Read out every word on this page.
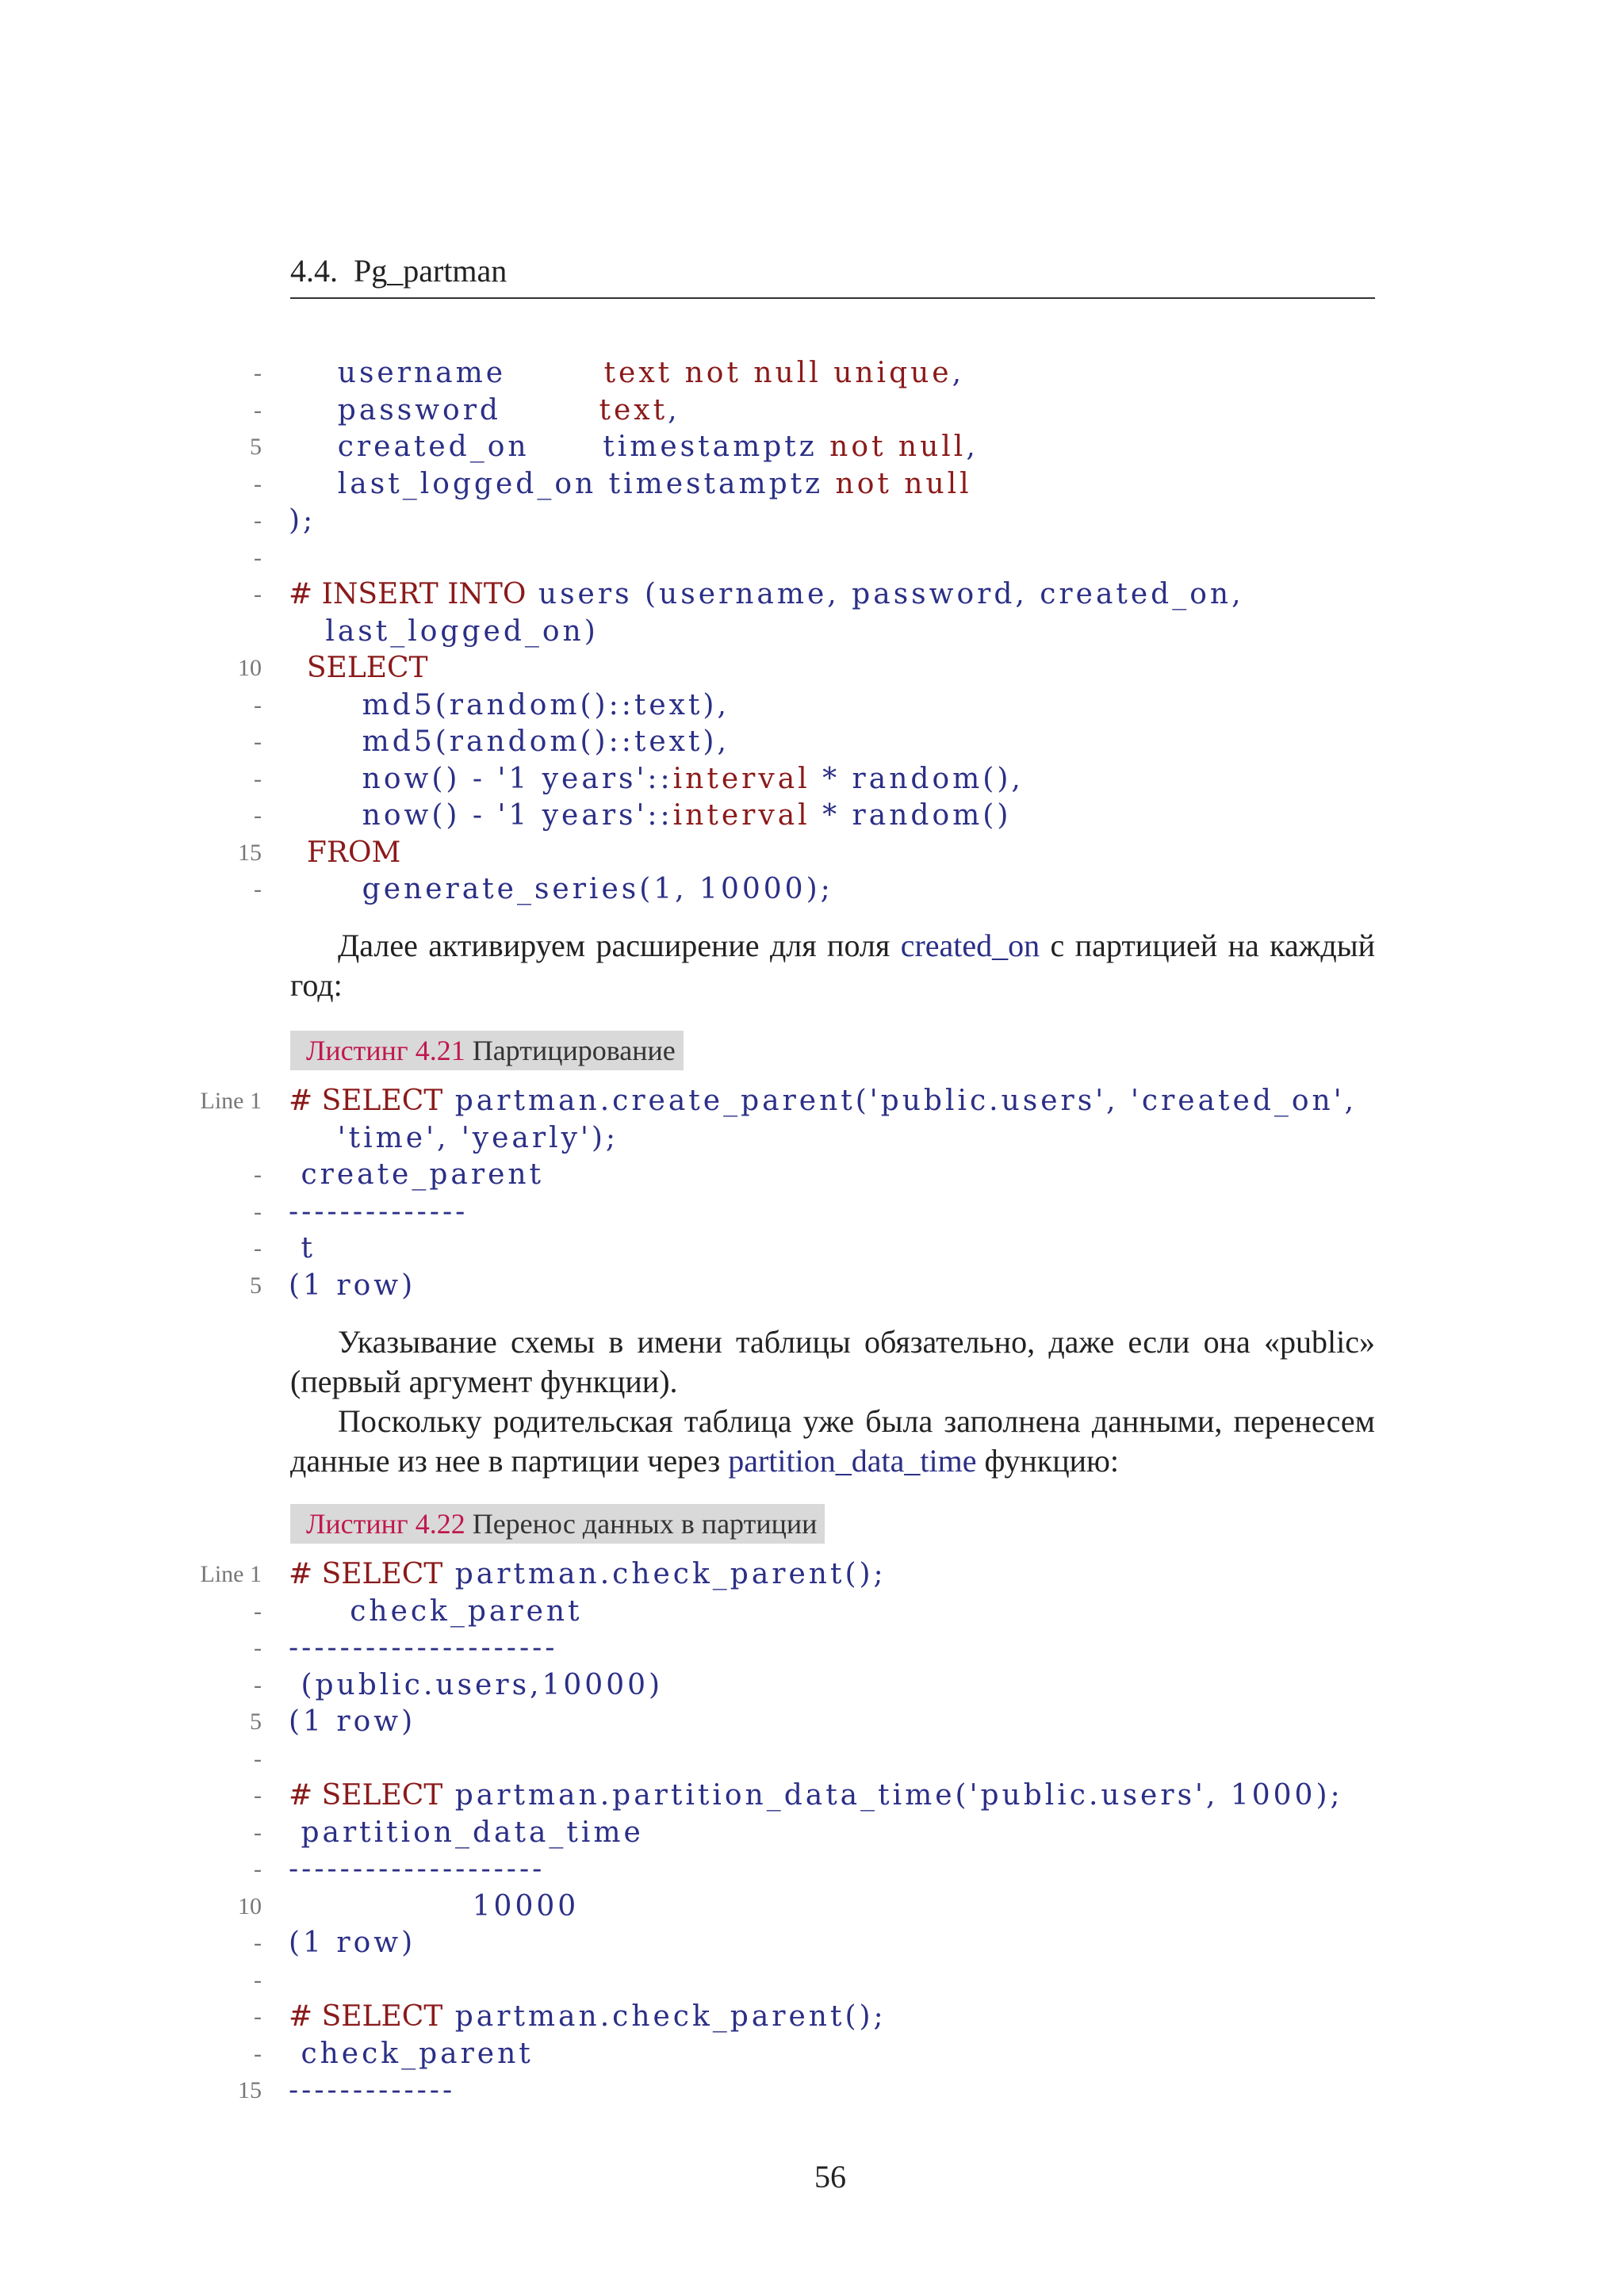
4.4. Pg_partman
- username        text not null unique,
- password        text,
5 created_on      timestamptz not null,
- last_logged_on timestamptz not null
- );
-
- # INSERT INTO users (username, password, created_on,
last_logged_on)
10 SELECT
- md5(random()::text),
- md5(random()::text),
- now() - '1 years'::interval * random(),
- now() - '1 years'::interval * random()
15 FROM
- generate_series(1, 10000);
Далее активируем расширение для поля created_on с партицией на каждый год:
Листинг 4.21 Партицирование
Line 1 # SELECT partman.create_parent('public.users', 'created_on',
'time', 'yearly');
- create_parent
- --------------
- t
5 (1 row)
Указывание схемы в имени таблицы обязательно, даже если она «public» (первый аргумент функции).
Поскольку родительская таблица уже была заполнена данными, перенесем данные из нее в партиции через partition_data_time функцию:
Листинг 4.22 Перенос данных в партиции
Line 1 # SELECT partman.check_parent();
- check_parent
- ---------------------
- (public.users,10000)
5 (1 row)
-
- # SELECT partman.partition_data_time('public.users', 1000);
- partition_data_time
- --------------------
10 10000
- (1 row)
-
- # SELECT partman.check_parent();
- check_parent
15 -------------
56
